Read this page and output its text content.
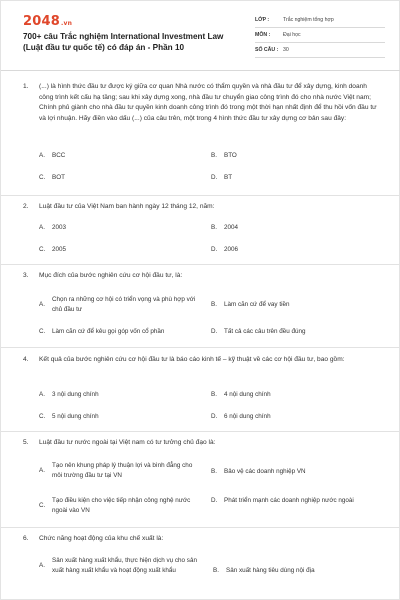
2048.vn
700+ câu Trắc nghiệm International Investment Law (Luật đầu tư quốc tế) có đáp án - Phần 10
LỚP :	Trắc nghiệm tổng hợp
MÔN :	Đại học
SỐ CÂU : 30
1.	(...) là hình thức đầu tư được ký giữa cơ quan Nhà nước có thẩm quyền và nhà đầu tư để xây dựng, kinh doanh công trình kết cấu hạ tầng; sau khi xây dựng xong, nhà đầu tư chuyển giao công trình đó cho nhà nước Việt nam; Chính phủ giành cho nhà đầu tư quyền kinh doanh công trình đó trong một thời hạn nhất định để thu hồi vốn đầu tư và lợi nhuận. Hãy điền vào dấu (...) của câu trên, một trong 4 hình thức đầu tư xây dựng cơ bản sau đây:
A.	BCC	B.	BTO
C.	BOT	D.	BT
2.	Luật đầu tư của Việt Nam ban hành ngày 12 tháng 12, năm:
A.	2003	B.	2004
C.	2005	D.	2006
3.	Mục đích của bước nghiên cứu cơ hội đầu tư, là:
A.
Chọn ra những cơ hội có triển vọng và phù hợp với chủ đầu tư
B.	Làm căn cứ để vay tiền
C.	Làm căn cứ để kêu gọi góp vốn cổ phần	D.	Tất cả các câu trên đều đúng
4.	Kết quả của bước nghiên cứu cơ hội đầu tư là báo cáo kinh tế – kỹ thuật về các cơ hội đầu tư, bao gồm:
A.	3 nội dung chính	B.	4 nội dung chính
C.	5 nội dung chính	D.	6 nội dung chính
5.	Luật đầu tư nước ngoài tại Việt nam có tư tưởng chủ đạo là:
A.
Tạo nên khung pháp lý thuận lợi và bình đẳng cho môi trường đầu tư tại VN
B.	Bảo vệ các doanh nghiệp VN
C.
Tạo điều kiện cho việc tiếp nhận công nghệ nước ngoài vào VN
D.	Phát triển mạnh các doanh nghiệp nước ngoài
6.	Chức năng hoạt động của khu chế xuất là:
A.
Sản xuất hàng xuất khẩu, thực hiện dịch vụ cho sản xuất hàng xuất khẩu và hoạt động xuất khẩu	B.	Sản xuất hàng tiêu dùng nội địa
